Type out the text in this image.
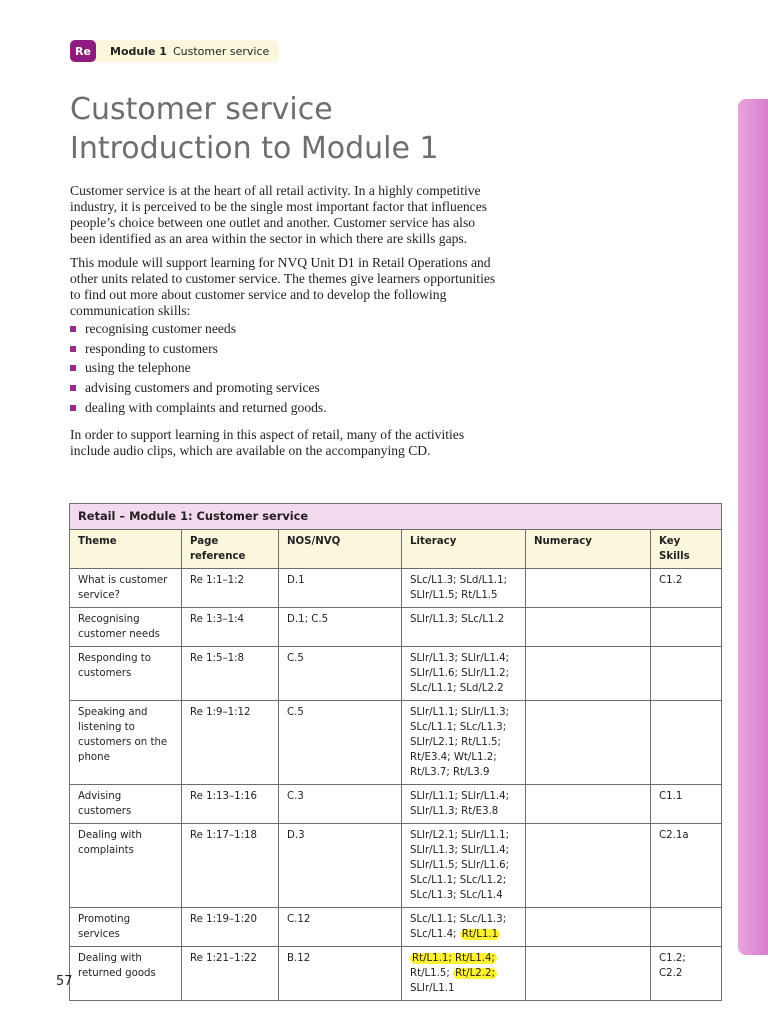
Re	Module 1 Customer service
Customer service
Introduction to Module 1

Customer service is at the heart of all retail activity. In a highly competitive industry, it is perceived to be the single most important factor that influences people’s choice between one outlet and another. Customer service has also been identified as an area within the sector in which there are skills gaps.

This module will support learning for NVQ Unit D1 in Retail Operations and other units related to customer service. The themes give learners opportunities to find out more about customer service and to develop the following communication skills:

recognising customer needs
responding to customers
using the telephone
advising customers and promoting services
dealing with complaints and returned goods.

In order to support learning in this aspect of retail, many of the activities include audio clips, which are available on the accompanying CD.

Retail – Module 1: Customer service					
Theme	Page reference	NOS/NVQ	Literacy	Numeracy	Key Skills
What is customer service?	Re 1:1–1:2	D.1	SLc/L1.3; SLd/L1.1;
SLlr/L1.5; Rt/L1.5		C1.2
Recognising customer needs	Re 1:3–1:4	D.1; C.5	SLlr/L1.3; SLc/L1.2		
Responding to customers	Re 1:5–1:8	C.5	SLlr/L1.3; SLlr/L1.4;
SLlr/L1.6; SLlr/L1.2;
SLc/L1.1; SLd/L2.2		
Speaking and listening to customers on the phone	Re 1:9–1:12	C.5	SLlr/L1.1; SLlr/L1.3;
SLc/L1.1; SLc/L1.3;
SLlr/L2.1; Rt/L1.5;
Rt/E3.4; Wt/L1.2;
Rt/L3.7; Rt/L3.9		
Advising customers	Re 1:13–1:16	C.3	SLlr/L1.1; SLlr/L1.4;
SLlr/L1.3; Rt/E3.8		C1.1
Dealing with complaints	Re 1:17–1:18	D.3	SLlr/L2.1; SLlr/L1.1;
SLlr/L1.3; SLlr/L1.4;
SLlr/L1.5; SLlr/L1.6;
SLc/L1.1; SLc/L1.2;
SLc/L1.3; SLc/L1.4		C2.1a
Promoting services	Re 1:19–1:20	C.12	SLc/L1.1; SLc/L1.3;
SLc/L1.4; Rt/L1.1		
Dealing with returned goods	Re 1:21–1:22	B.12	Rt/L1.1; Rt/L1.4;
Rt/L1.5; Rt/L2.2;
SLlr/L1.1		C1.2;
C2.2
57
